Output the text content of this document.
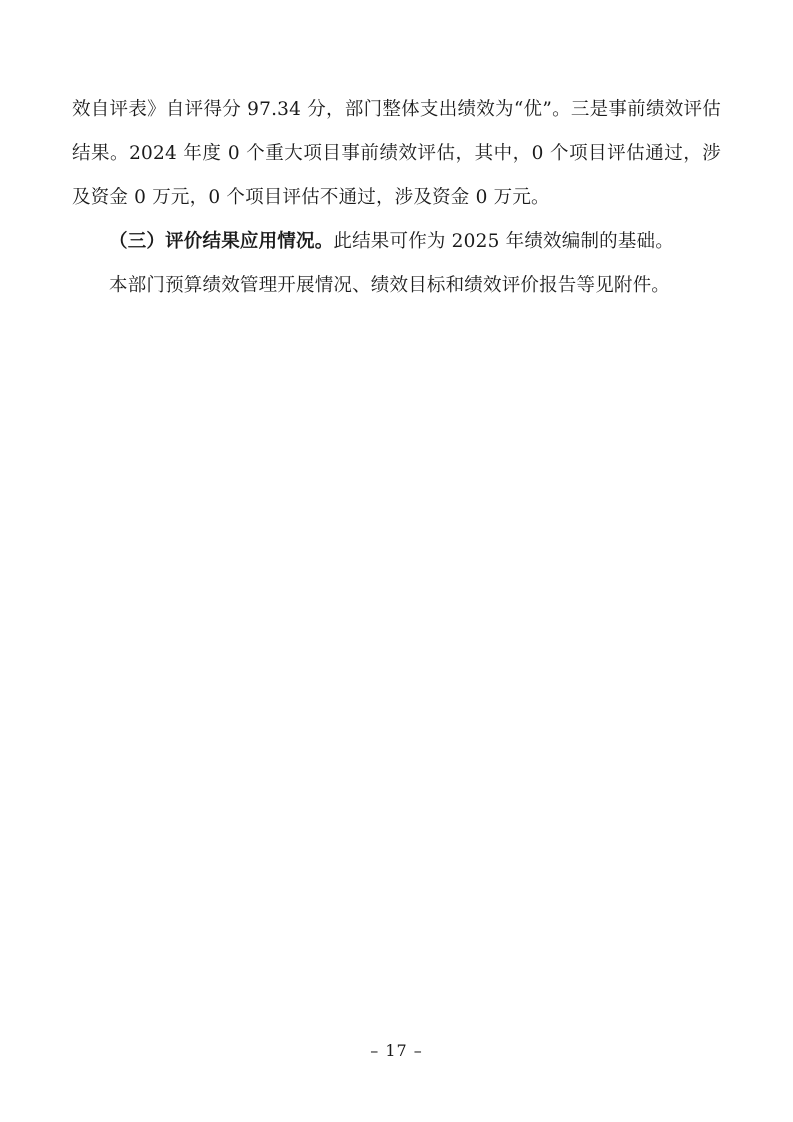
效自评表》自评得分 97.34 分，部门整体支出绩效为“优”。三是事前绩效评估结果。2024 年度 0 个重大项目事前绩效评估，其中，0 个项目评估通过，涉及资金 0 万元，0 个项目评估不通过，涉及资金 0 万元。

（三）评价结果应用情况。此结果可作为 2025 年绩效编制的基础。

本部门预算绩效管理开展情况、绩效目标和绩效评价报告等见附件。

– 17 –
